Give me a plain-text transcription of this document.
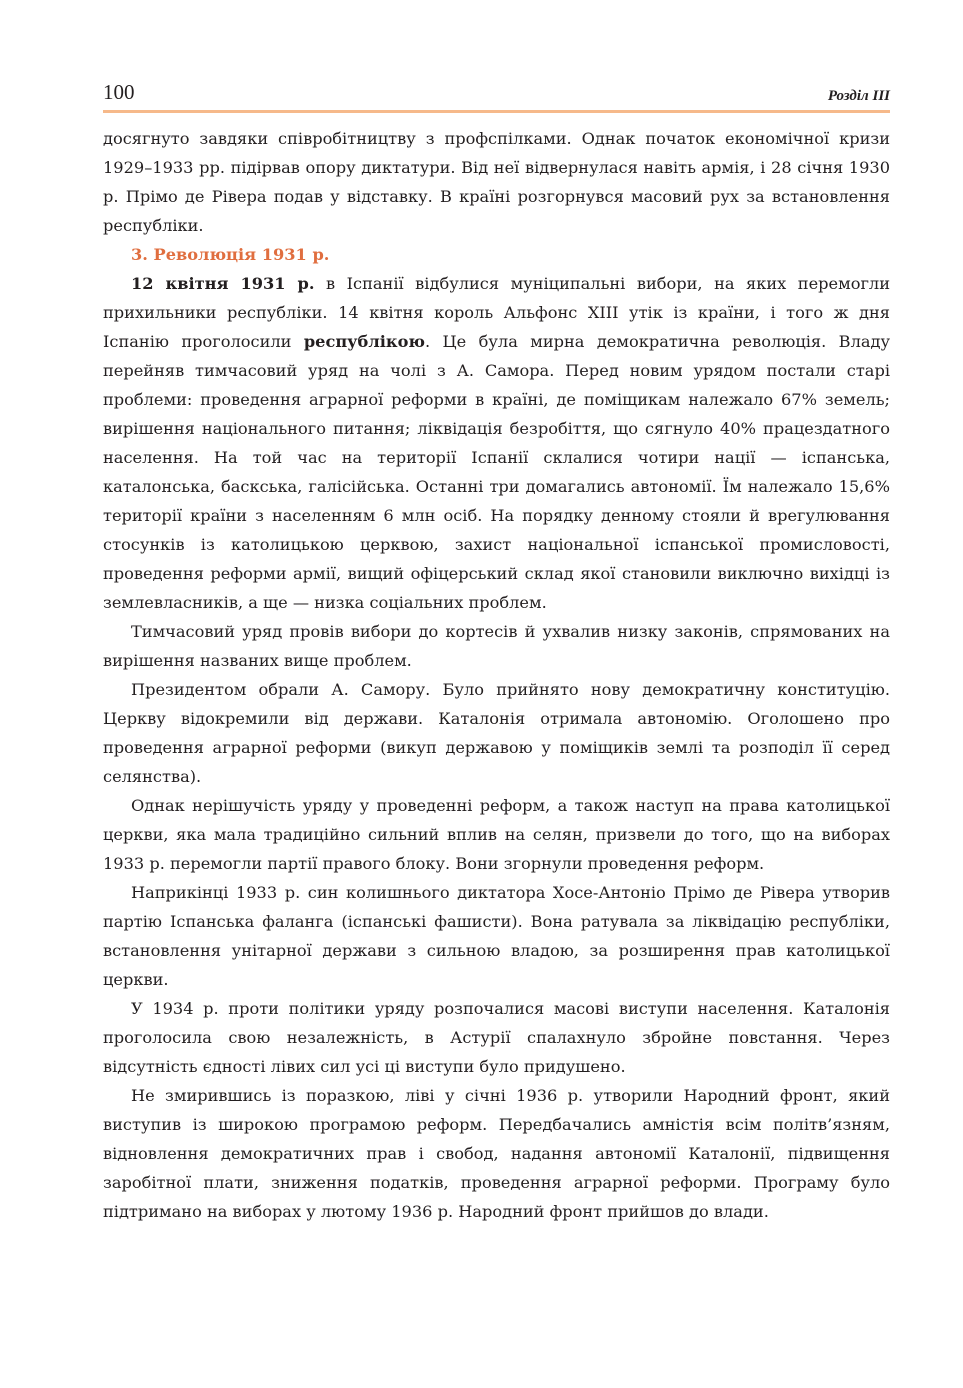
100	Розділ III

досягнуто завдяки співробітництву з профспілками. Однак початок економічної кризи 1929–1933 рр. підірвав опору диктатури. Від неї відвернулася навіть армія, і 28 січня 1930 р. Прімо де Рівера подав у відставку. В країні розгорнувся масовий рух за встановлення республіки.

3. Революція 1931 р.

12 квітня 1931 р. в Іспанії відбулися муніципальні вибори, на яких перемогли прихильники республіки. 14 квітня король Альфонс XIII утік із країни, і того ж дня Іспанію проголосили республікою. Це була мирна демократична революція. Владу перейняв тимчасовий уряд на чолі з А. Самора. Перед новим урядом постали старі проблеми: проведення аграрної реформи в країні, де поміщикам належало 67% земель; вирішення національного питання; ліквідація безробіття, що сягнуло 40% працездатного населення. На той час на території Іспанії склалися чотири нації — іспанська, каталонська, баскська, галісійська. Останні три домагались автономії. Їм належало 15,6% території країни з населенням 6 млн осіб. На порядку денному стояли й врегулювання стосунків із католицькою церквою, захист національної іспанської промисловості, проведення реформи армії, вищий офіцерський склад якої становили виключно вихідці із землевласників, а ще — низка соціальних проблем.

Тимчасовий уряд провів вибори до кортесів й ухвалив низку законів, спрямованих на вирішення названих вище проблем.

Президентом обрали А. Самору. Було прийнято нову демократичну конституцію. Церкву відокремили від держави. Каталонія отримала автономію. Оголошено про проведення аграрної реформи (викуп державою у поміщиків землі та розподіл її серед селянства).

Однак нерішучість уряду у проведенні реформ, а також наступ на права католицької церкви, яка мала традиційно сильний вплив на селян, призвели до того, що на виборах 1933 р. перемогли партії правого блоку. Вони згорнули проведення реформ.

Наприкінці 1933 р. син колишнього диктатора Хосе-Антоніо Прімо де Рівера утворив партію Іспанська фаланга (іспанські фашисти). Вона ратувала за ліквідацію республіки, встановлення унітарної держави з сильною владою, за розширення прав католицької церкви.

У 1934 р. проти політики уряду розпочалися масові виступи населення. Каталонія проголосила свою незалежність, в Астурії спалахнуло збройне повстання. Через відсутність єдності лівих сил усі ці виступи було придушено.

Не змирившись із поразкою, ліві у січні 1936 р. утворили Народний фронт, який виступив із широкою програмою реформ. Передбачались амністія всім політв’язням, відновлення демократичних прав і свобод, надання автономії Каталонії, підвищення заробітної плати, зниження податків, проведення аграрної реформи. Програму було підтримано на виборах у лютому 1936 р. Народний фронт прийшов до влади.
